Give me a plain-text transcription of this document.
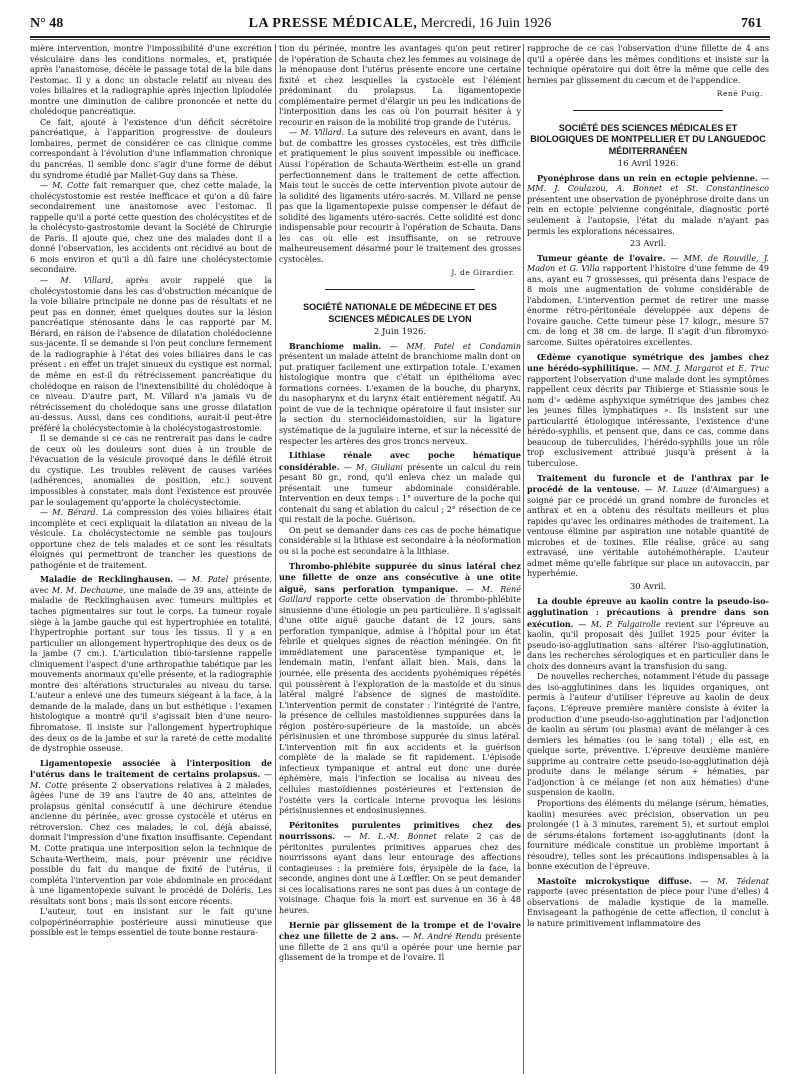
N° 48	LA PRESSE MÉDICALE, Mercredi, 16 Juin 1926	761

mière intervention, montre l'impossibilité d'une excrétion vésiculaire dans les conditions normales, et, pratiquée après l'anastomose, décèle le passage total de la bile dans l'estomac. Il y a donc un obstacle relatif au niveau des voies biliaires et la radiographie après injection lipiodolée montre une diminution de calibre prononcée et nette du cholédoque pancréatique.

Ce fait, ajouté à l'existence d'un déficit sécrétoire pancréatique, à l'apparition progressive de douleurs lombaires, permet de considérer ce cas clinique comme correspondant à l'évolution d'une inflammation chronique du pancréas. Il semble donc s'agir d'une forme de début du syndrome étudié par Mallet-Guy dans sa Thèse.

— M. Cotte fait remarquer que, chez cette malade, la cholécystostomie est restée inefficace et qu'on a dû faire secondairement une anastomose avec l'estomac. Il rappelle qu'il a porté cette question des cholécystites et de la cholécysto-gastrostomie devant la Société de Chirurgie de Paris. Il ajoute que, chez une des malades dont il a donné l'observation, les accidents ont récidivé au bout de 6 mois environ et qu'il a dû faire une cholécystectomie secondaire.

— M. Villard, après avoir rappelé que la cholécystostomie dans les cas d'obstruction mécanique de la voie biliaire principale ne donne pas de résultats et ne peut pas en donner, émet quelques doutes sur la lésion pancréatique sténosante dans le cas rapporté par M. Bérard, en raison de l'absence de dilatation cholédocienne sus-jacente. Il se demande si l'on peut conclure fermement de la radiographie à l'état des voies biliaires dans le cas présent : en effet un trajet sinueux du cystique est normal, de même en est-il du rétrécissement pancréatique du cholédoque en raison de l'inextensibilité du cholédoque à ce niveau. D'autre part, M. Villard n'a jamais vu de rétrécissement du cholédoque sans une grosse dilatation au-dessus. Aussi, dans ces conditions, aurait-il peut-être préféré la cholécystectomie à la cholécystogastrostomie.

Il se demande si ce cas ne rentrerait pas dans le cadre de ceux où les douleurs sont dues à un trouble de l'évacuation de la vésicule provoqué dans le défilé étroit du cystique. Les troubles relèvent de causes variées (adhérences, anomalies de position, etc.) souvent impossibles à constater, mais dont l'existence est prouvée par le soulagement qu'apporte la cholécystectomie.

— M. Bérard. La compression des voies biliaires était incomplète et ceci expliquait la dilatation au niveau de la vésicule. La cholécystectomie ne semble pas toujours opportune chez de tels malades et ce sont les résultats éloignés qui permettront de trancher les questions de pathogénie et de traitement.

Maladie de Recklinghausen. — M. Patel présente, avec M. M. Dechaume, une malade de 39 ans, atteinte de maladie de Recklinghausen avec tumeurs multiples et taches pigmentaires sur tout le corps. La tumeur royale siège à la jambe gauche qui est hypertrophiée en totalité, l'hypertrophie portant sur tous les tissus. Il y a en particulier un allongement hypertrophique des deux os de la jambe (7 cm.). L'articulation tibio-tarsienne rappelle cliniquement l'aspect d'une arthropathie tabétique par les mouvements anormaux qu'elle présente, et la radiographie montre des altérations structurales au niveau du tarse. L'auteur a enlevé une des tumeurs siégeant à la face, à la demande de la malade, dans un but esthétique : l'examen histologique a montré qu'il s'agissait bien d'une neuro-fibromatose. Il insiste sur l'allongement hypertrophique des deux os de la jambe et sur la rareté de cette modalité de dystrophie osseuse.

Ligamentopexie associée à l'interposition de l'utérus dans le traitement de certains prolapsus. — M. Cotte présente 2 observations relatives à 2 malades, âgées l'une de 39 ans l'autre de 40 ans, atteintes de prolapsus génital consécutif à une déchirure étendue ancienne du périnée, avec grosse cystocèle et utérus en rétroversion. Chez ces malades, le col, déjà abaissé, donnait l'impression d'une fixation insuffisante. Cependant M. Cotte pratiqua une interposition selon la technique de Schauta-Wertheim, mais, pour prévenir une récidive possible du fait du manque de fixité de l'utérus, il compléta l'intervention par voie abdominale en procédant à une ligamentopexie suivant le procédé de Doléris. Les résultats sont bons ; mais ils sont encore récents.

L'auteur, tout en insistant sur le fait qu'une colpopérinéorraphie postérieure aussi minutieuse que possible est le temps essentiel de toute bonne restaura-

tion du périnée, montre les avantages qu'on peut retirer de l'opération de Schauta chez les femmes au voisinage de la ménopause dont l'utérus présente encore une certaine fixité et chez lesquelles la cystocèle est l'élément prédominant du prolapsus. La ligamentopexie complémentaire permet d'élargir un peu les indications de l'interposition dans les cas où l'on pourrait hésiter à y recourir en raison de la mobilité trop grande de l'utérus.

— M. Villard. La suture des releveurs en avant, dans le but de combattre les grosses cystocèles, est très difficile et pratiquement le plus souvent impossible ou inefficace. Aussi l'opération de Schauta-Wertheim est-elle un grand perfectionnement dans le traitement de cette affection. Mais tout le succès de cette intervention pivote autour de la solidité des ligaments utéro-sacrés. M. Villard ne pense pas que la ligamentopexie puisse compenser le défaut de solidité des ligaments utéro-sacrés. Cette solidité est donc indispensable pour recourir à l'opération de Schauta. Dans les cas où elle est insuffisante, on se retrouve malheureusement désarmé pour le traitement des grosses cystocèles.

J. de Girardier.

SOCIÉTÉ NATIONALE DE MÉDECINE ET DES SCIENCES MÉDICALES DE LYON

2 Juin 1926.

Branchiome malin. — MM. Patel et Condamin présentent un malade atteint de branchiome malin dont on put pratiquer facilement une extirpation totale. L'examen histologique montra que c'était un épithélioma avec formations cornées. L'examen de la bouche, du pharynx, du nasopharynx et du larynx était entièrement négatif. Au point de vue de la technique opératoire il faut insister sur la section du sternocléidomastoïdien, sur la ligature systématique de la jugulaire interne, et sur la nécessité de respecter les artères des gros troncs nerveux.

Lithiase rénale avec poche hématique considérable. — M. Giuliani présente un calcul du rein pesant 80 gr., rond, qu'il enleva chez un malade qui présentait une tumeur abdominale considérable. Intervention en deux temps : 1° ouverture de la poche qui contenait du sang et ablation du calcul ; 2° résection de ce qui restait de la poche. Guérison.

On peut se demander dans ces cas de poche hématique considérable si la lithiase est secondaire à la néoformation ou si la poche est secondaire à la lithiase.

Thrombo-phlébite suppurée du sinus latéral chez une fillette de onze ans consécutive à une otite aiguë, sans perforation tympanique. — M. René Gaillard rapporte cette observation de thrombo-phlébite sinusienne d'une étiologie un peu particulière. Il s'agissait d'une otite aiguë gauche datant de 12 jours, sans perforation tympanique, admise à l'hôpital pour un état fébrile et quelques signes de réaction méningée. On fit immédiatement une paracentèse tympanique et, le lendemain matin, l'enfant allait bien. Mais, dans la journée, elle présenta des accidents pyohémiques répétés qui poussèrent à l'exploration de la mastoïde et du sinus latéral malgré l'absence de signes de mastoïdite. L'intervention permit de constater : l'intégrité de l'antre, la présence de cellules mastoïdiennes suppurées dans la région postéro-supérieure de la mastoïde, un abcès périsinusien et une thrombose suppurée du sinus latéral. L'intervention mit fin aux accidents et la guérison complète de la malade se fit rapidement. L'épisode infectieux tympanique et antral eut donc une durée éphémère, mais l'infection se localisa au niveau des cellules mastoïdiennes postérieures et l'extension de l'ostéite vers la corticale interne provoqua les lésions périsinusiennes et endosinusiennes.

Péritonites purulentes primitives chez des nourrissons. — M. L.-M. Bonnet relate 2 cas de péritonites purulentes primitives apparues chez des nourrissons ayant dans leur entourage des affections contagieuses : la première fois, érysipèle de la face, la seconde, angines dont une à Lœffler. On se peut demander si ces localisations rares ne sont pas dues à un contage de voisinage. Chaque fois la mort est survenue en 36 à 48 heures.

Hernie par glissement de la trompe et de l'ovaire chez une fillette de 2 ans. — M. André Rendu présente une fillette de 2 ans qu'il a opérée pour une hernie par glissement de la trompe et de l'ovaire. Il

rapproche de ce cas l'observation d'une fillette de 4 ans qu'il a opérée dans les mêmes conditions et insiste sur la technique opératoire qui doit être la même que celle des hernies par glissement du cæcum et de l'appendice.

René Puig.

SOCIÉTÉ DES SCIENCES MÉDICALES ET BIOLOGIQUES DE MONTPELLIER ET DU LANGUEDOC MÉDITERRANÉEN

16 Avril 1926.

Pyonéphrose dans un rein en ectopie pelvienne. — MM. J. Coulazou, A. Bonnet et St. Constantinesco présentent une observation de pyonéphrose droite dans un rein en ectopie pelvienne congénitale, diagnostic porté seulement à l'autopsie, l'état du malade n'ayant pas permis les explorations nécessaires.

23 Avril.

Tumeur géante de l'ovaire. — MM. de Rouville, J. Madon et G. Villa rapportent l'histoire d'une femme de 49 ans, ayant eu 7 grossesses, qui présenta dans l'espace de 8 mois une augmentation de volume considérable de l'abdomen. L'intervention permet de retirer une masse énorme rétro-péritonéale développée aux dépens de l'ovaire gauche. Cette tumeur pèse 17 kilogr., mesure 57 cm. de long et 38 cm. de large. Il s'agit d'un fibromyxo-sarcome. Suites opératoires excellentes.

Œdème cyanotique symétrique des jambes chez une hérédo-syphilitique. — MM. J. Margarot et E. Truc rapportent l'observation d'une malade dont les symptômes rappellent ceux décrits par Thibierge et Stiassnie sous le nom d'« œdème asphyxique symétrique des jambes chez les jeunes filles lymphatiques ». Ils insistent sur une particularité étiologique intéressante, l'existence d'une hérédo-syphilis, et pensent que, dans ce cas, comme dans beaucoup de tuberculides, l'hérédo-syphilis joue un rôle trop exclusivement attribué jusqu'à présent à la tuberculose.

Traitement du furoncle et de l'anthrax par le procédé de la ventouse. — M. Lauze (d'Aimargues) a soigné par ce procédé un grand nombre de furoncles et anthrax et en a obtenu des résultats meilleurs et plus rapides qu'avec les ordinaires méthodes de traitement. La ventouse élimine par aspiration une notable quantité de microbes et de toxines. Elle réalise, grâce au sang extravasé, une véritable autohémothérapie. L'auteur admet même qu'elle fabrique sur place un autovaccin, par hyperhémie.

30 Avril.

La double épreuve au kaolin contre la pseudo-iso-agglutination : précautions à prendre dans son exécution. — M. P. Falgairolle revient sur l'épreuve au kaolin, qu'il proposait dès Juillet 1925 pour éviter la pseudo-iso-agglutination sans altérer l'iso-agglutination, dans les recherches sérologiques et en particulier dans le choix des donneurs avant la transfusion du sang.

De nouvelles recherches, notamment l'étude du passage des iso-agglutinines dans les liquides organiques, ont permis à l'auteur d'utiliser l'épreuve au kaolin de deux façons. L'épreuve première manière consiste à éviter la production d'une pseudo-iso-agglutination par l'adjonction de kaolin au sérum (ou plasma) avant de mélanger à ces derniers les hématies (ou le sang total) ; elle est, en quelque sorte, préventive. L'épreuve deuxième manière supprime au contraire cette pseudo-iso-agglutination déjà produite dans le mélange sérum + hématies, par l'adjonction à ce mélange (et non aux hématies) d'une suspension de kaolin.

Proportions des éléments du mélange (sérum, hématies, kaolin) mesurées avec précision, observation un peu prolongée (1 à 3 minutes, rarement 5), et surtout emploi de sérums-étalons fortement iso-agglutinants (dont la fourniture médicale constitue un problème important à résoudre), telles sont les précautions indispensables à la bonne exécution de l'épreuve.

Mastoïte microkystique diffuse. — M. Tédenat rapporte (avec présentation de pièce pour l'une d'elles) 4 observations de maladie kystique de la mamelle. Envisageant la pathogénie de cette affection, il conclut à la nature primitivement inflammatoire des
